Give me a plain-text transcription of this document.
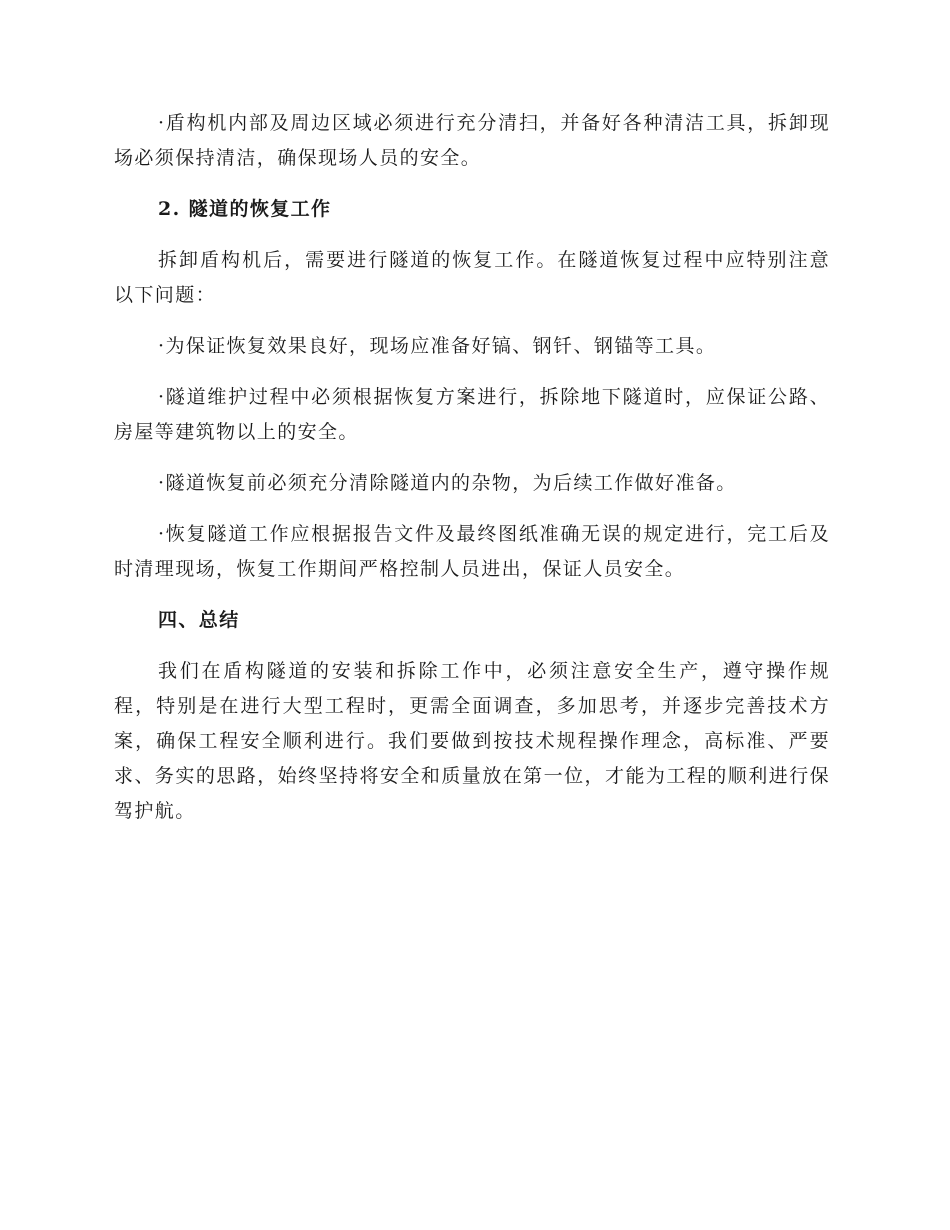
·盾构机内部及周边区域必须进行充分清扫，并备好各种清洁工具，拆卸现场必须保持清洁，确保现场人员的安全。

2. 隧道的恢复工作

拆卸盾构机后，需要进行隧道的恢复工作。在隧道恢复过程中应特别注意以下问题：

·为保证恢复效果良好，现场应准备好镐、钢钎、钢锚等工具。

·隧道维护过程中必须根据恢复方案进行，拆除地下隧道时，应保证公路、房屋等建筑物以上的安全。

·隧道恢复前必须充分清除隧道内的杂物，为后续工作做好准备。

·恢复隧道工作应根据报告文件及最终图纸准确无误的规定进行，完工后及时清理现场，恢复工作期间严格控制人员进出，保证人员安全。

四、总结

我们在盾构隧道的安装和拆除工作中，必须注意安全生产，遵守操作规程，特别是在进行大型工程时，更需全面调查，多加思考，并逐步完善技术方案，确保工程安全顺利进行。我们要做到按技术规程操作理念，高标准、严要求、务实的思路，始终坚持将安全和质量放在第一位，才能为工程的顺利进行保驾护航。
